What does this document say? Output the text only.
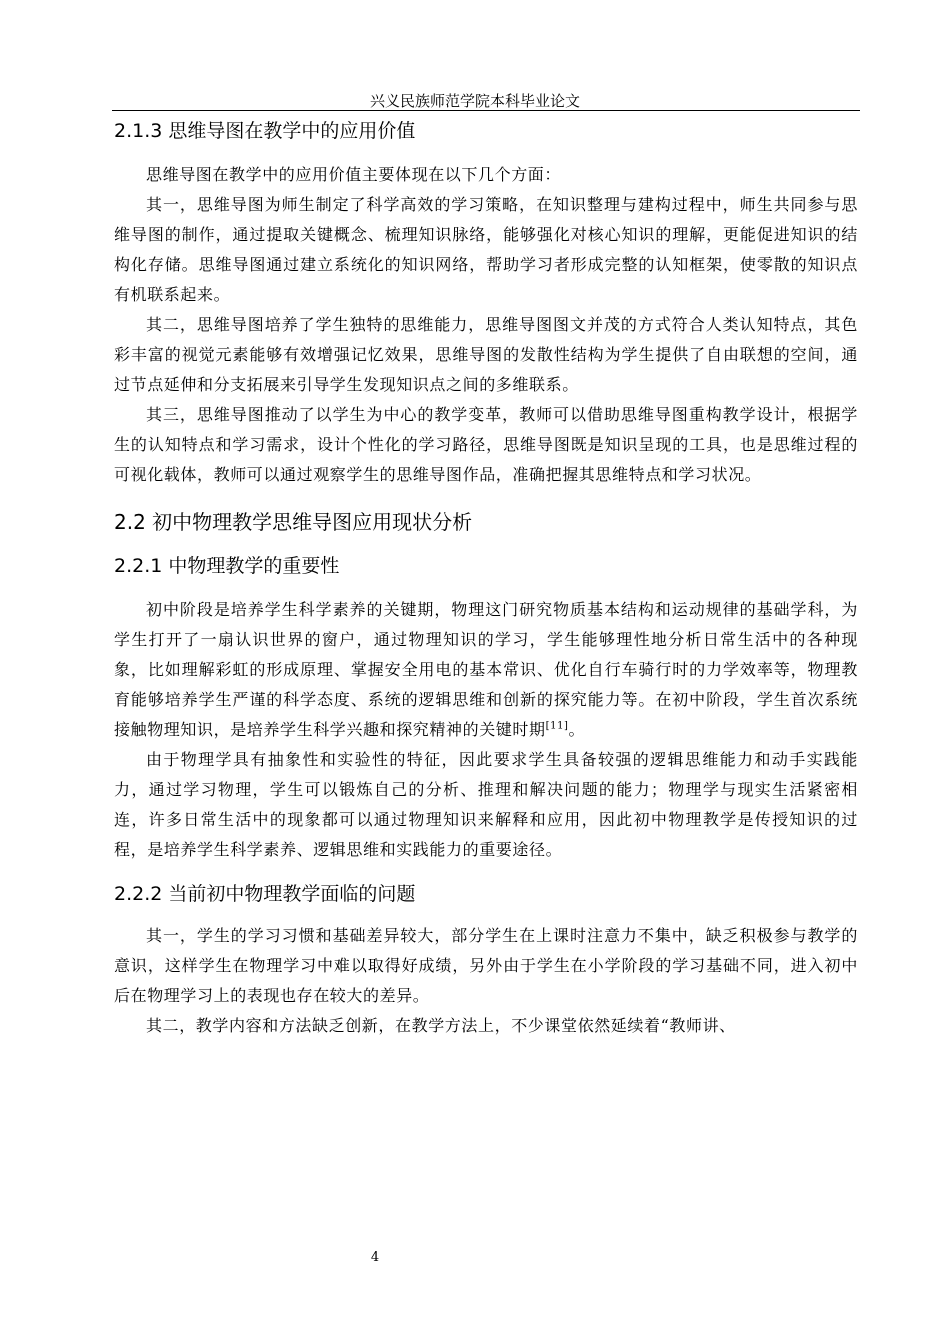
兴义民族师范学院本科毕业论文
2.1.3 思维导图在教学中的应用价值

思维导图在教学中的应用价值主要体现在以下几个方面：

其一，思维导图为师生制定了科学高效的学习策略，在知识整理与建构过程中，师生共同参与思维导图的制作，通过提取关键概念、梳理知识脉络，能够强化对核心知识的理解，更能促进知识的结构化存储。思维导图通过建立系统化的知识网络，帮助学习者形成完整的认知框架，使零散的知识点有机联系起来。

其二，思维导图培养了学生独特的思维能力，思维导图图文并茂的方式符合人类认知特点，其色彩丰富的视觉元素能够有效增强记忆效果，思维导图的发散性结构为学生提供了自由联想的空间，通过节点延伸和分支拓展来引导学生发现知识点之间的多维联系。

其三，思维导图推动了以学生为中心的教学变革，教师可以借助思维导图重构教学设计，根据学生的认知特点和学习需求，设计个性化的学习路径，思维导图既是知识呈现的工具，也是思维过程的可视化载体，教师可以通过观察学生的思维导图作品，准确把握其思维特点和学习状况。

2.2 初中物理教学思维导图应用现状分析
2.2.1 中物理教学的重要性

初中阶段是培养学生科学素养的关键期，物理这门研究物质基本结构和运动规律的基础学科，为学生打开了一扇认识世界的窗户，通过物理知识的学习，学生能够理性地分析日常生活中的各种现象，比如理解彩虹的形成原理、掌握安全用电的基本常识、优化自行车骑行时的力学效率等，物理教育能够培养学生严谨的科学态度、系统的逻辑思维和创新的探究能力等。在初中阶段，学生首次系统接触物理知识，是培养学生科学兴趣和探究精神的关键时期[11]。

由于物理学具有抽象性和实验性的特征，因此要求学生具备较强的逻辑思维能力和动手实践能力，通过学习物理，学生可以锻炼自己的分析、推理和解决问题的能力；物理学与现实生活紧密相连，许多日常生活中的现象都可以通过物理知识来解释和应用，因此初中物理教学是传授知识的过程，是培养学生科学素养、逻辑思维和实践能力的重要途径。

2.2.2 当前初中物理教学面临的问题

其一，学生的学习习惯和基础差异较大，部分学生在上课时注意力不集中，缺乏积极参与教学的意识，这样学生在物理学习中难以取得好成绩，另外由于学生在小学阶段的学习基础不同，进入初中后在物理学习上的表现也存在较大的差异。

其二，教学内容和方法缺乏创新，在教学方法上，不少课堂依然延续着“教师讲、

4
